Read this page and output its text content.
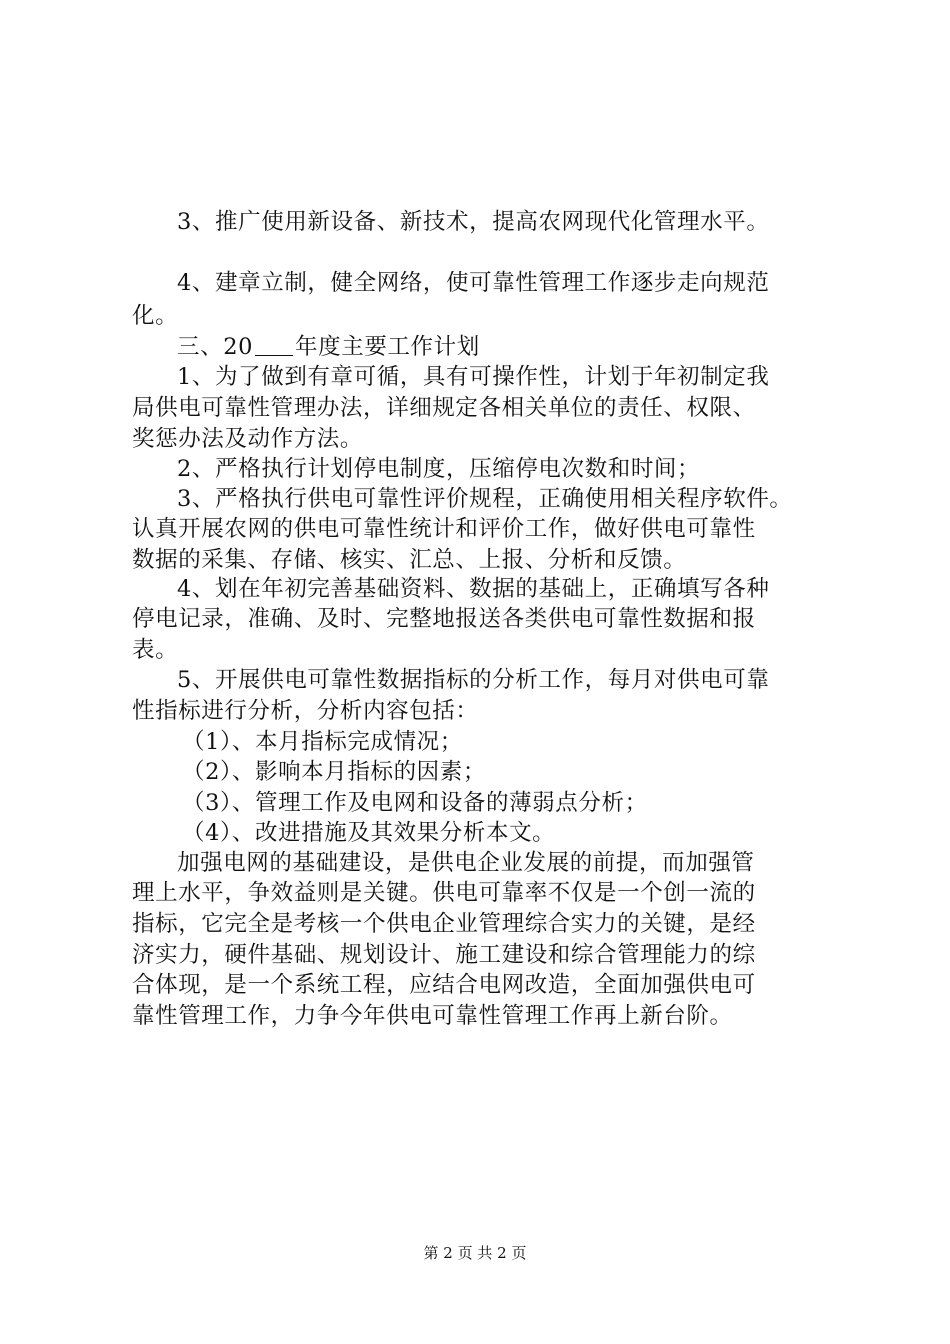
3、推广使用新设备、新技术，提高农网现代化管理水平。
4、建章立制，健全网络，使可靠性管理工作逐步走向规范
化。
三、20 年度主要工作计划
1、为了做到有章可循，具有可操作性，计划于年初制定我
局供电可靠性管理办法，详细规定各相关单位的责任、权限、
奖惩办法及动作方法。
2、严格执行计划停电制度，压缩停电次数和时间；
3、严格执行供电可靠性评价规程，正确使用相关程序软件。
认真开展农网的供电可靠性统计和评价工作，做好供电可靠性
数据的采集、存储、核实、汇总、上报、分析和反馈。
4、划在年初完善基础资料、数据的基础上，正确填写各种
停电记录，准确、及时、完整地报送各类供电可靠性数据和报
表。
5、开展供电可靠性数据指标的分析工作，每月对供电可靠
性指标进行分析，分析内容包括：
（1）、本月指标完成情况；
（2）、影响本月指标的因素；
（3）、管理工作及电网和设备的薄弱点分析；
（4）、改进措施及其效果分析本文。
加强电网的基础建设，是供电企业发展的前提，而加强管
理上水平，争效益则是关键。供电可靠率不仅是一个创一流的
指标，它完全是考核一个供电企业管理综合实力的关键，是经
济实力，硬件基础、规划设计、施工建设和综合管理能力的综
合体现，是一个系统工程，应结合电网改造，全面加强供电可
靠性管理工作，力争今年供电可靠性管理工作再上新台阶。
第 2 页 共 2 页
